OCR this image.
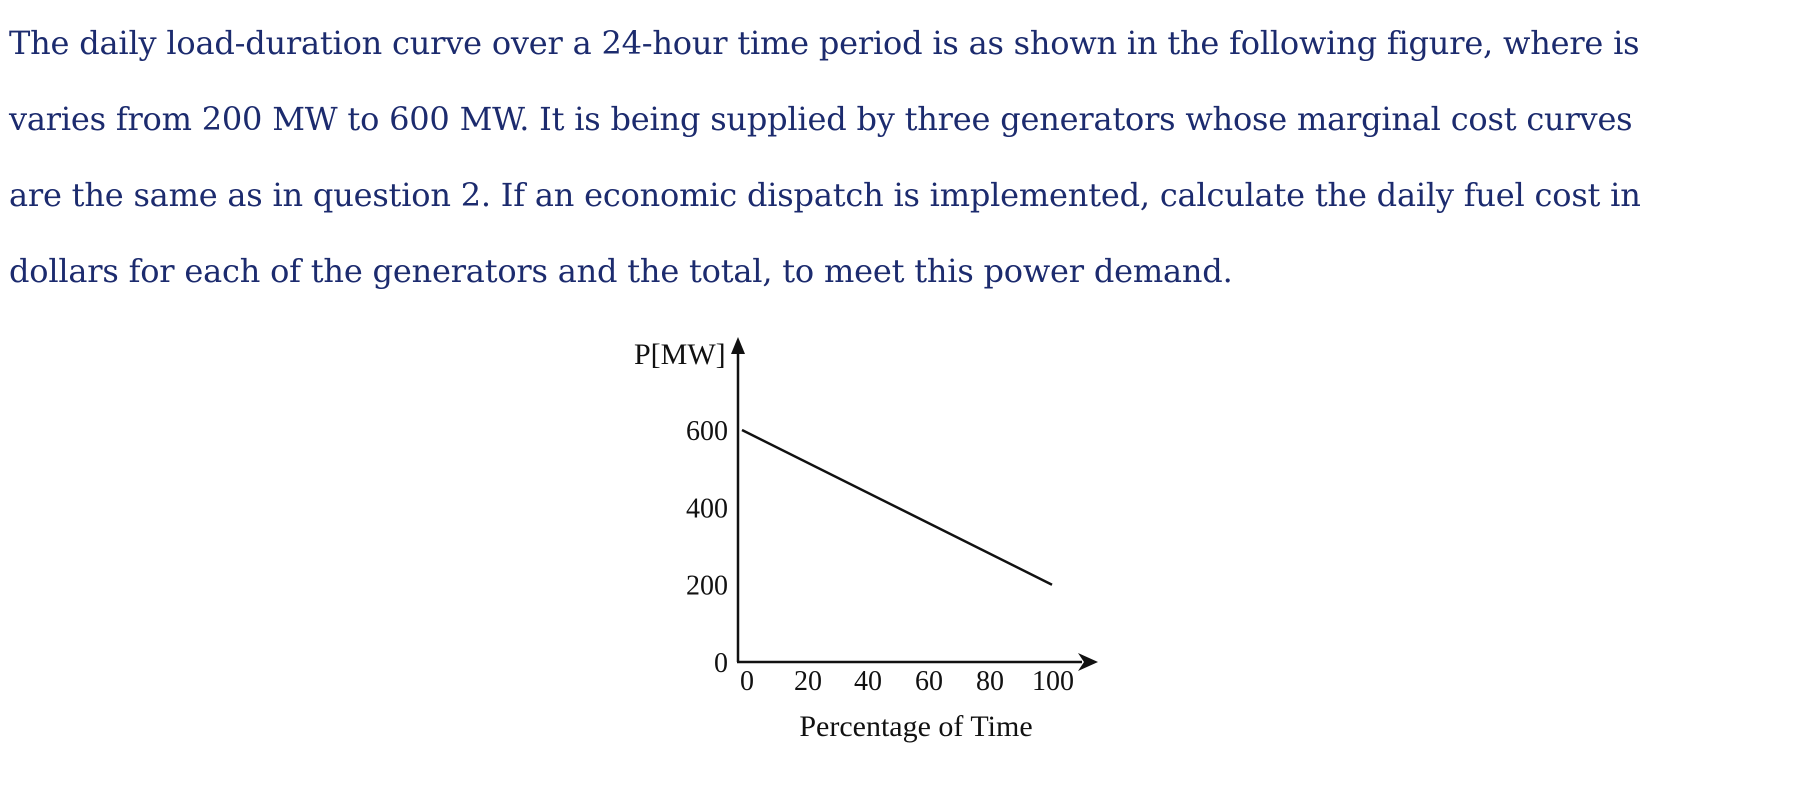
The daily load-duration curve over a 24-hour time period is as shown in the following figure, where is
varies from 200 MW to 600 MW. It is being supplied by three generators whose marginal cost curves
are the same as in question 2. If an economic dispatch is implemented, calculate the daily fuel cost in
dollars for each of the generators and the total, to meet this power demand.
P[MW]
Percentage of Time
0
200
400
600
0 20 40 60 80 100
